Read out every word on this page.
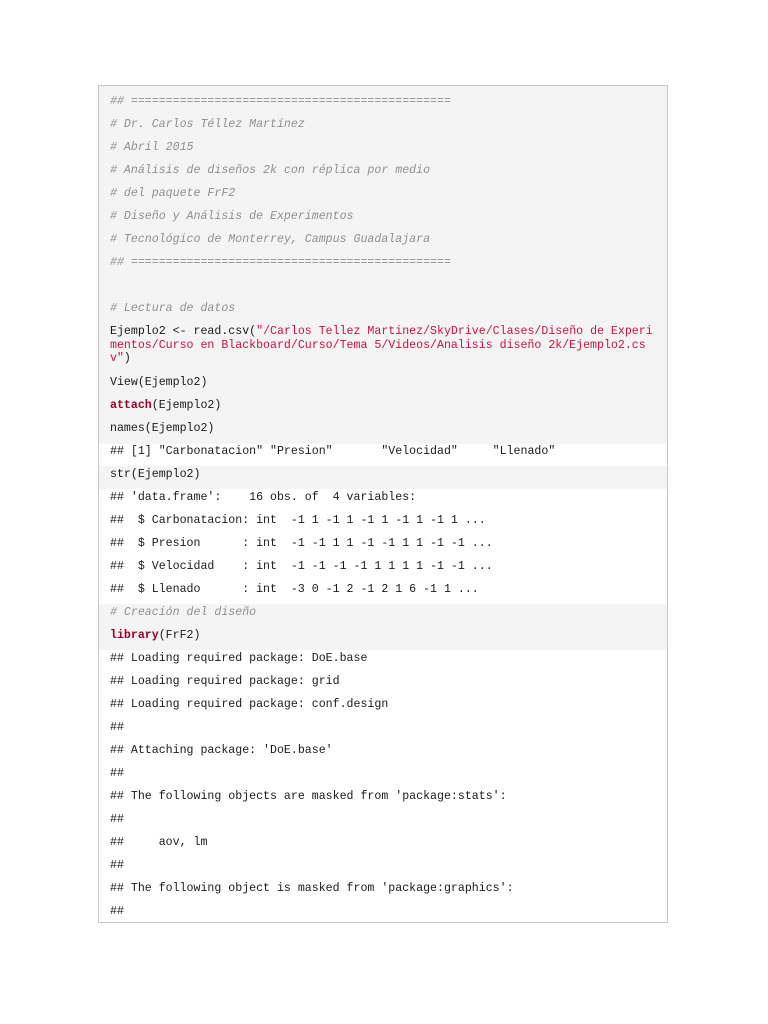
## ==============================================
# Dr. Carlos Téllez Martínez
# Abril 2015
# Análisis de diseños 2k con réplica por medio
# del paquete FrF2
# Diseño y Análisis de Experimentos
# Tecnológico de Monterrey, Campus Guadalajara
## ==============================================
# Lectura de datos
Ejemplo2 <- read.csv("/Carlos Tellez Martinez/SkyDrive/Clases/Diseño de Experimentos/Curso en Blackboard/Curso/Tema 5/Videos/Analisis diseño 2k/Ejemplo2.csv")
View(Ejemplo2)
attach(Ejemplo2)
names(Ejemplo2)
## [1] "Carbonatacion" "Presion"       "Velocidad"     "Llenado"
str(Ejemplo2)
## 'data.frame':    16 obs. of  4 variables:
##  $ Carbonatacion: int  -1 1 -1 1 -1 1 -1 1 -1 1 ...
##  $ Presion      : int  -1 -1 1 1 -1 -1 1 1 -1 -1 ...
##  $ Velocidad    : int  -1 -1 -1 -1 1 1 1 1 -1 -1 ...
##  $ Llenado      : int  -3 0 -1 2 -1 2 1 6 -1 1 ...
# Creación del diseño
library(FrF2)
## Loading required package: DoE.base
## Loading required package: grid
## Loading required package: conf.design
##
## Attaching package: 'DoE.base'
##
## The following objects are masked from 'package:stats':
##
##     aov, lm
##
## The following object is masked from 'package:graphics':
##
